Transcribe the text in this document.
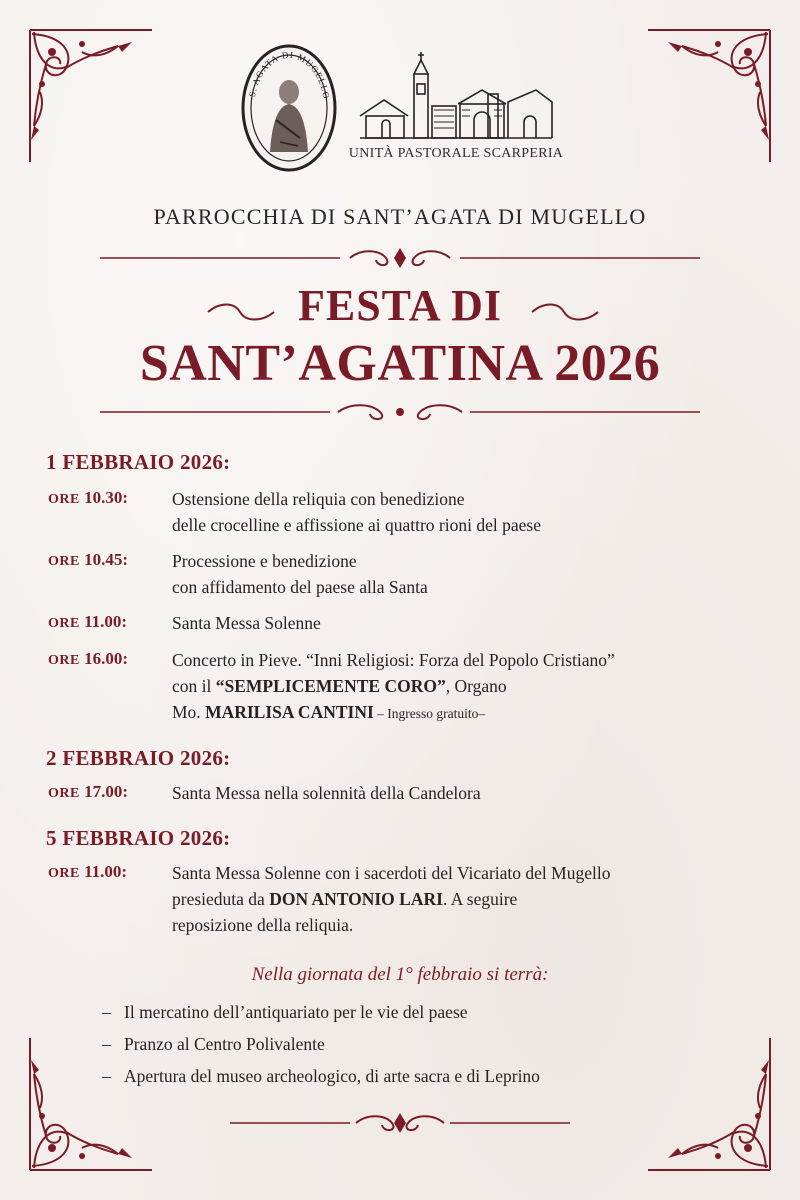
S. AGATA DI MUGELLO
UNITÀ PASTORALE SCARPERIA
PARROCCHIA DI SANT’AGATA DI MUGELLO
FESTA DI
SANT’AGATINA 2026
1 FEBBRAIO 2026:
ORE 10.30:	Ostensione della reliquia con benedizione
delle crocelline e affissione ai quattro rioni del paese
ORE 10.45:	Processione e benedizione
con affidamento del paese alla Santa
ORE 11.00:	Santa Messa Solenne
ORE 16.00:	Concerto in Pieve. “Inni Religiosi: Forza del Popolo Cristiano”
con il “SEMPLICEMENTE CORO”, Organo
Mo. MARILISA CANTINI – Ingresso gratuito–
2 FEBBRAIO 2026:
ORE 17.00:	Santa Messa nella solennità della Candelora
5 FEBBRAIO 2026:
ORE 11.00:	Santa Messa Solenne con i sacerdoti del Vicariato del Mugello
presieduta da DON ANTONIO LARI. A seguire
reposizione della reliquia.
Nella giornata del 1° febbraio si terrà:
– Il mercatino dell’antiquariato per le vie del paese
– Pranzo al Centro Polivalente
– Apertura del museo archeologico, di arte sacra e di Leprino
